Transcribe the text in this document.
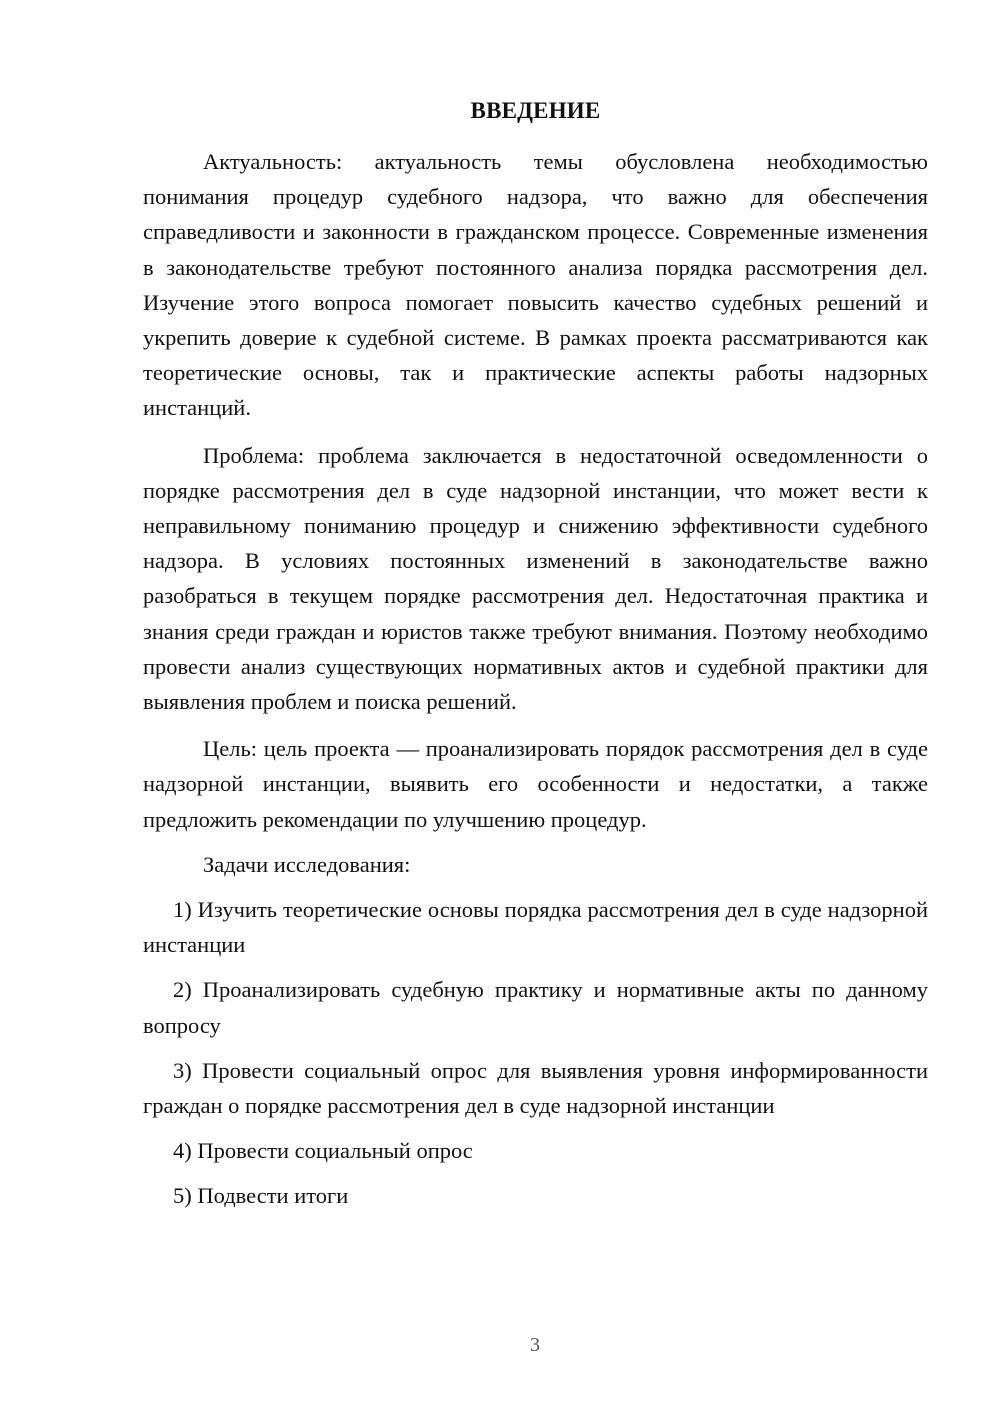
ВВЕДЕНИЕ

Актуальность: актуальность темы обусловлена необходимостью понимания процедур судебного надзора, что важно для обеспечения справедливости и законности в гражданском процессе. Современные изменения в законодательстве требуют постоянного анализа порядка рассмотрения дел. Изучение этого вопроса помогает повысить качество судебных решений и укрепить доверие к судебной системе. В рамках проекта рассматриваются как теоретические основы, так и практические аспекты работы надзорных инстанций.

Проблема: проблема заключается в недостаточной осведомленности о порядке рассмотрения дел в суде надзорной инстанции, что может вести к неправильному пониманию процедур и снижению эффективности судебного надзора. В условиях постоянных изменений в законодательстве важно разобраться в текущем порядке рассмотрения дел. Недостаточная практика и знания среди граждан и юристов также требуют внимания. Поэтому необходимо провести анализ существующих нормативных актов и судебной практики для выявления проблем и поиска решений.

Цель: цель проекта — проанализировать порядок рассмотрения дел в суде надзорной инстанции, выявить его особенности и недостатки, а также предложить рекомендации по улучшению процедур.

Задачи исследования:

1) Изучить теоретические основы порядка рассмотрения дел в суде надзорной инстанции

2) Проанализировать судебную практику и нормативные акты по данному вопросу

3) Провести социальный опрос для выявления уровня информированности граждан о порядке рассмотрения дел в суде надзорной инстанции

4) Провести социальный опрос

5) Подвести итоги

3
